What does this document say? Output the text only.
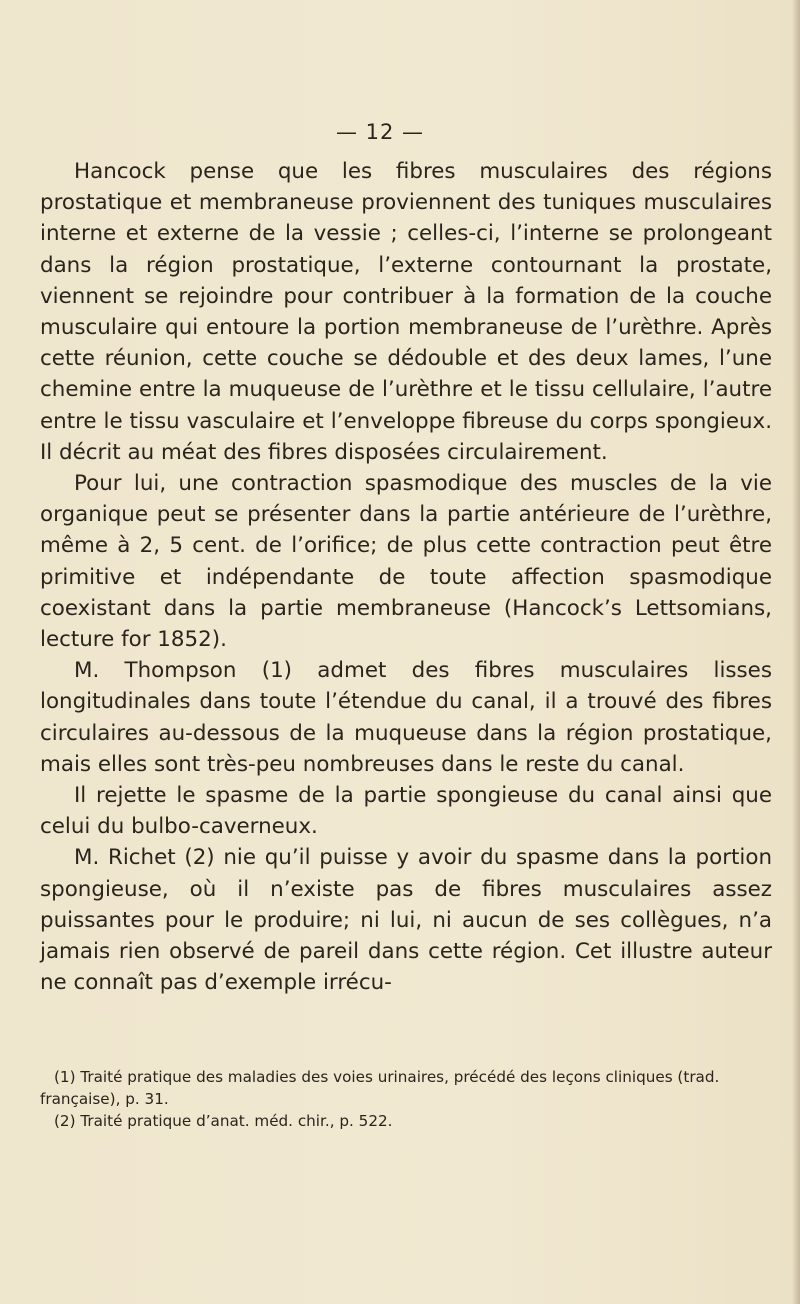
— 12 —

Hancock pense que les fibres musculaires des régions prostatique et membraneuse proviennent des tuniques musculaires interne et externe de la vessie ; celles-ci, l’interne se prolongeant dans la région prostatique, l’externe contournant la prostate, viennent se rejoindre pour contribuer à la formation de la couche musculaire qui entoure la portion membraneuse de l’urèthre. Après cette réunion, cette couche se dédouble et des deux lames, l’une chemine entre la muqueuse de l’urèthre et le tissu cellulaire, l’autre entre le tissu vasculaire et l’enveloppe fibreuse du corps spongieux. Il décrit au méat des fibres disposées circulairement.

Pour lui, une contraction spasmodique des muscles de la vie organique peut se présenter dans la partie antérieure de l’urèthre, même à 2, 5 cent. de l’orifice; de plus cette contraction peut être primitive et indépendante de toute affection spasmodique coexistant dans la partie membraneuse (Hancock’s Lettsomians, lecture for 1852).

M. Thompson (1) admet des fibres musculaires lisses longitudinales dans toute l’étendue du canal, il a trouvé des fibres circulaires au-dessous de la muqueuse dans la région prostatique, mais elles sont très-peu nombreuses dans le reste du canal.

Il rejette le spasme de la partie spongieuse du canal ainsi que celui du bulbo-caverneux.

M. Richet (2) nie qu’il puisse y avoir du spasme dans la portion spongieuse, où il n’existe pas de fibres musculaires assez puissantes pour le produire; ni lui, ni aucun de ses collègues, n’a jamais rien observé de pareil dans cette région. Cet illustre auteur ne connaît pas d’exemple irrécu-

(1) Traité pratique des maladies des voies urinaires, précédé des leçons cliniques (trad. française), p. 31.

(2) Traité pratique d’anat. méd. chir., p. 522.
